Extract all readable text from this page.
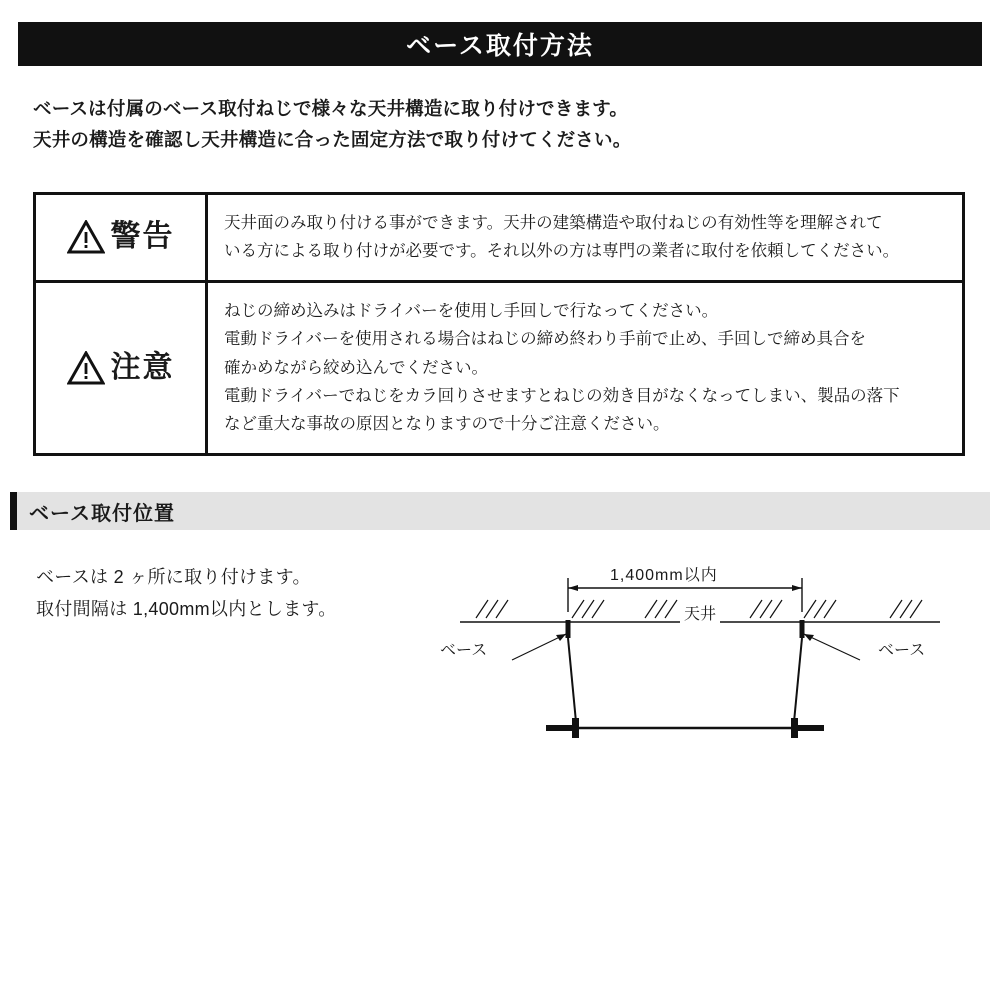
ベース取付方法
ベースは付属のベース取付ねじで様々な天井構造に取り付けできます。
天井の構造を確認し天井構造に合った固定方法で取り付けてください。
警告	天井面のみ取り付ける事ができます。天井の建築構造や取付ねじの有効性等を理解されて

いる方による取り付けが必要です。それ以外の方は専門の業者に取付を依頼してください。

注意

ねじの締め込みはドライバーを使用し手回しで行なってください。

電動ドライバーを使用される場合はねじの締め終わり手前で止め、手回しで締め具合を

確かめながら絞め込んでください。

電動ドライバーでねじをカラ回りさせますとねじの効き目がなくなってしまい、製品の落下

など重大な事故の原因となりますので十分ご注意ください。

ベース取付位置
ベースは 2 ヶ所に取り付けます。
取付間隔は 1,400mm以内とします。
1,400mm以内
天井
ベース	ベース
